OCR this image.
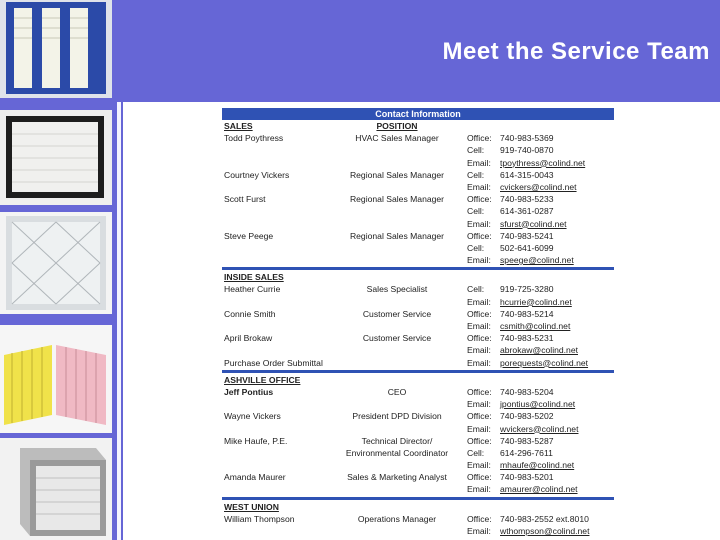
Meet the Service Team
Contact Information
SALES	POSITION
Todd Poythress	HVAC Sales Manager	Office: 740-983-5369
Cell: 919-740-0870
Email: tpoythress@colind.net
Courtney Vickers	Regional Sales Manager	Cell: 614-315-0043
Email: cvickers@colind.net
Scott Furst	Regional Sales Manager	Office: 740-983-5233
Cell: 614-361-0287
Email: sfurst@colind.net
Steve Peege	Regional Sales Manager	Office: 740-983-5241
Cell: 502-641-6099
Email: speege@colind.net
INSIDE SALES
Heather Currie	Sales Specialist	Cell: 919-725-3280
Email: hcurrie@colind.net
Connie Smith	Customer Service	Office: 740-983-5214
Email: csmith@colind.net
April Brokaw	Customer Service	Office: 740-983-5231
Email: abrokaw@colind.net
Purchase Order Submittal	Email: porequests@colind.net
ASHVILLE OFFICE
Jeff Pontius	CEO	Office: 740-983-5204
Email: jpontius@colind.net
Wayne Vickers	President DPD Division	Office: 740-983-5202
Email: wvickers@colind.net
Mike Haufe, P.E.	Technical Director/	Office: 740-983-5287
Environmental Coordinator	Cell: 614-296-7611
Email: mhaufe@colind.net
Amanda Maurer	Sales & Marketing Analyst	Office: 740-983-5201
Email: amaurer@colind.net
WEST UNION
William Thompson	Operations Manager	Office: 740-983-2552 ext.8010
Email: wthompson@colind.net
